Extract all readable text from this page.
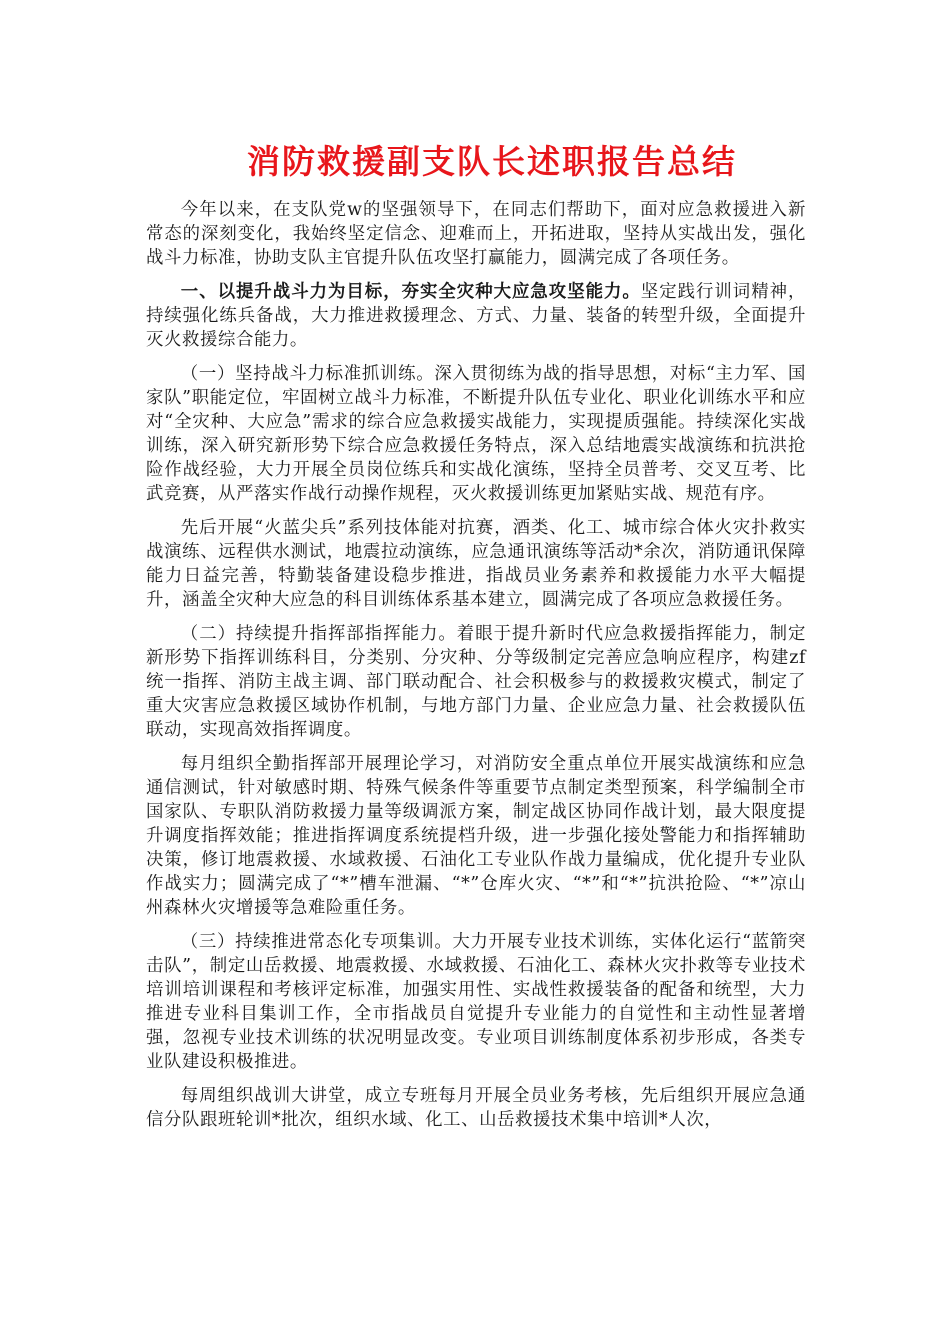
消防救援副支队长述职报告总结

今年以来，在支队党w的坚强领导下，在同志们帮助下，面对应急救援进入新常态的深刻变化，我始终坚定信念、迎难而上，开拓进取，坚持从实战出发，强化战斗力标准，协助支队主官提升队伍攻坚打赢能力，圆满完成了各项任务。

一、以提升战斗力为目标，夯实全灾种大应急攻坚能力。坚定践行训词精神，持续强化练兵备战，大力推进救援理念、方式、力量、装备的转型升级，全面提升灭火救援综合能力。

（一）坚持战斗力标准抓训练。深入贯彻练为战的指导思想，对标“主力军、国家队”职能定位，牢固树立战斗力标准，不断提升队伍专业化、职业化训练水平和应对“全灾种、大应急”需求的综合应急救援实战能力，实现提质强能。持续深化实战训练，深入研究新形势下综合应急救援任务特点，深入总结地震实战演练和抗洪抢险作战经验，大力开展全员岗位练兵和实战化演练，坚持全员普考、交叉互考、比武竞赛，从严落实作战行动操作规程，灭火救援训练更加紧贴实战、规范有序。

先后开展“火蓝尖兵”系列技体能对抗赛，酒类、化工、城市综合体火灾扑救实战演练、远程供水测试，地震拉动演练，应急通讯演练等活动*余次，消防通讯保障能力日益完善，特勤装备建设稳步推进，指战员业务素养和救援能力水平大幅提升，涵盖全灾种大应急的科目训练体系基本建立，圆满完成了各项应急救援任务。

（二）持续提升指挥部指挥能力。着眼于提升新时代应急救援指挥能力，制定新形势下指挥训练科目，分类别、分灾种、分等级制定完善应急响应程序，构建zf统一指挥、消防主战主调、部门联动配合、社会积极参与的救援救灾模式，制定了重大灾害应急救援区域协作机制，与地方部门力量、企业应急力量、社会救援队伍联动，实现高效指挥调度。

每月组织全勤指挥部开展理论学习，对消防安全重点单位开展实战演练和应急通信测试，针对敏感时期、特殊气候条件等重要节点制定类型预案，科学编制全市国家队、专职队消防救援力量等级调派方案，制定战区协同作战计划，最大限度提升调度指挥效能；推进指挥调度系统提档升级，进一步强化接处警能力和指挥辅助决策，修订地震救援、水域救援、石油化工专业队作战力量编成，优化提升专业队作战实力；圆满完成了“*”槽车泄漏、“*”仓库火灾、“*”和“*”抗洪抢险、“*”凉山州森林火灾增援等急难险重任务。

（三）持续推进常态化专项集训。大力开展专业技术训练，实体化运行“蓝箭突击队”，制定山岳救援、地震救援、水域救援、石油化工、森林火灾扑救等专业技术培训培训课程和考核评定标准，加强实用性、实战性救援装备的配备和统型，大力推进专业科目集训工作，全市指战员自觉提升专业能力的自觉性和主动性显著增强，忽视专业技术训练的状况明显改变。专业项目训练制度体系初步形成，各类专业队建设积极推进。

每周组织战训大讲堂，成立专班每月开展全员业务考核，先后组织开展应急通信分队跟班轮训*批次，组织水域、化工、山岳救援技术集中培训*人次，
